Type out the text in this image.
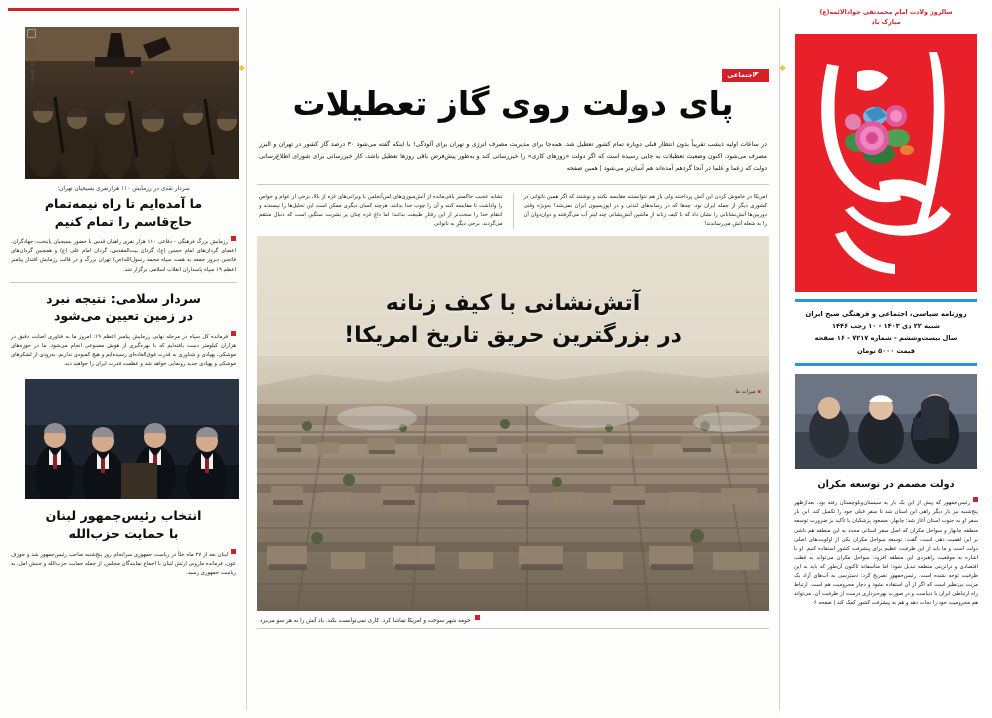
سالروز ولادت امام محمدتقی جوادالائمه(ع)
مبارک باد
روزنامه سیاسی، اجتماعی و فرهنگی صبح ایران
شنبه ۲۲ دی ۱۴۰۳ - ۱۰ رجب ۱۴۴۶
سال بیست‌وششم - شماره ۷۲۱۷ - ۱۶ صفحه
قیمت ۵۰۰۰ تومان
دولت مصمم در توسعه مکران

رئیس‌جمهور که پیش از این یک بار به سیستان‌وبلوچستان رفته بود، بعدازظهر پنج‌شنبه نیز بار دیگر راهی این استان شد تا سفر قبلی خود را تکمیل کند. این بار سفر او به جنوب استان آغاز شد؛ چابهار. مسعود پزشکیان با تأکید بر ضرورت توسعه منطقه چابهار و سواحل مکران که اصل سفر استانی مجدد به این منطقه هم ناشی بر این اهمیت دهی است، گفت: توسعه سواحل مکران یکی از اولویت‌های اصلی دولت است و ما باید از این ظرفیت عظیم برای پیشرفت کشور استفاده کنیم. او با اشاره به موقعیت راهبردی این منطقه افزود: سواحل مکران می‌تواند به قطب اقتصادی و ترانزیتی منطقه تبدیل شود؛ اما متأسفانه تاکنون آن‌طور که باید به این ظرفیت توجه نشده است. رئیس‌جمهور تصریح کرد: دسترسی به آب‌های آزاد یک مزیت بی‌نظیر است که اگر از آن استفاده نشود و دچار محرومیت هم است. ارتباط راه ارتباطی ایران با دنیاست و در صورت بهره‌برداری درست از ظرفیت آن، می‌تواند هم محرومیت خود را نجات دهد و هم به پیشرفت کشور کمک کند | صفحه ۶

اجتماعی
پای دولت روی گاز تعطیلات
در ساعات اولیه دیشب تقریباً بدون انتظار قبلی دوباره تمام کشور تعطیل شد. همه‌جا برای مدیریت مصرف انرژی و تهران برای آلودگی! با اینکه گفته می‌شود ۳۰ درصد گاز کشور در تهران و البرز مصرف می‌شود. اکنون وضعیت تعطیلات به جایی رسیده است که اگر دولت «روزهای کاری» را خبررسانی کند و به‌طور پیش‌فرض باقی روزها تعطیل باشد، کار خبررسانی برای شورای اطلاع‌رسانی دولت که زعما و علما در آنجا گردهم آمده‌اند هم آسان‌تر می‌شود | همین صفحه
امریکا در خاموش کردن این آتش پرداختند ولی باز هم نتوانستند مقایسه نکنند و نوشتند که اگر همین ناتوانی در کشوری دیگر از جمله ایران بود، چه‌ها که در رسانه‌های لندنی و در اپوزیسیون ایران نمی‌شد! به‌ویژه وقتی دوربین‌ها آتش‌نشانانی را نشان داد که با کیف زنانه از ماشین آتش‌نشانی چند لیتر آب می‌گرفتند و دوان‌دوان آن را به شعله آتش می‌رساندند!
تشابه عجیب خاکستر باقی‌مانده از آتش‌سوزی‌های لس‌آنجلس با ویرانی‌های غزه از بالا، برخی از عوام و خواص را واداشت تا مقایسه کنند و آن را چوب خدا بدانند. هرچند کسان دیگری ممکن است این تحلیل‌ها را نپسندند و انتقام خدا را سخت‌تر از این رفتار طبیعت بدانند؛ اما داغ غزه چنان بر بشریت سنگین است که دنبال منتقم می‌گردند. برخی دیگر به ناتوانی
آتش‌نشانی با کیف زنانه
در بزرگترین حریق تاریخ امریکا!
▪ میراث ما
حومه شهر سوخت و امریکا تماشا کرد. کاری نمی‌توانست بکند. باد آتش را به هر سو می‌برد
عکس: مهدی بلوریان
سردار تقدی در رزمایش ۱۱۰ هزارنفری بسیجیان تهران:
ما آمده‌ایم تا راه نیمه‌تمام
حاج‌قاسم را تمام کنیم

رزمایش بزرگ فرهنگی - دفاعی ۱۱۰ هزار نفری راهیان قدس با حضور بسیجیان پایتخت، جهادگران، اعضای گردان‌های امام حسین (ع)، گردان بیت‌المقدس، گردان امام علی (ع) و همچنین گردان‌های فاتحین دیروز جمعه به همت سپاه محمد رسول‌الله(ص) تهران بزرگ و در قالب رزمایش اقتدار پیامبر اعظم ۱۹ سپاه پاسداران انقلاب اسلامی برگزار شد.

سردار سلامی: نتیجه نبرد
در زمین تعیین می‌شود

فرمانده کل سپاه در مرحله نهایی رزمایش پیامبر اعظم ۱۹: امروز ما به فناوری اصابت دقیق در هزاران کیلومتر دست یافته‌ایم که با بهره‌گیری از هوش مصنوعی انجام می‌شود. ما در حوزه‌های موشکی، پهپادی و شناوری به قدرت فوق‌العاده‌ای رسیده‌ایم و هیچ کمبودی نداریم. به‌زودی از لشکرهای موشکی و پهپادی جدید رونمایی خواهد شد و عظمت قدرت ایران را خواهید دید.

انتخاب رئیس‌جمهور لبنان
با حمایت حزب‌الله

لبنان بعد از ۲۷ ماه خلأ در ریاست جمهوری سرانجام روز پنج‌شنبه صاحب رئیس‌جمهور شد و جوزف عون، فرمانده مارونی ارتش لبنان با اجماع نمایندگان مجلس، از جمله حمایت حزب‌الله و جنبش امل، به ریاست جمهوری رسید.

❖	❖
▾
